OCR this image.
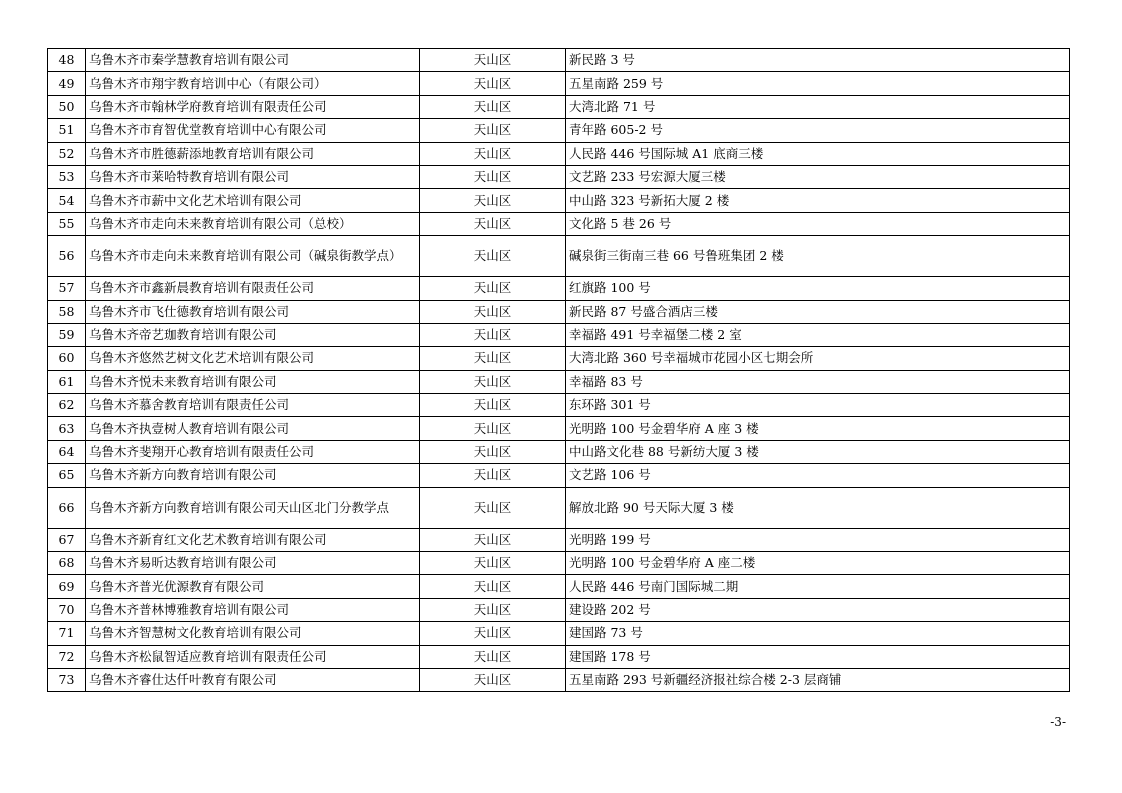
48	乌鲁木齐市秦学慧教育培训有限公司	天山区	新民路 3 号
49	乌鲁木齐市翔宇教育培训中心（有限公司）	天山区	五星南路 259 号
50	乌鲁木齐市翰林学府教育培训有限责任公司	天山区	大湾北路 71 号
51	乌鲁木齐市育智优堂教育培训中心有限公司	天山区	青年路 605-2 号
52	乌鲁木齐市胜德薪添地教育培训有限公司	天山区	人民路 446 号国际城 A1 底商三楼
53	乌鲁木齐市莱哈特教育培训有限公司	天山区	文艺路 233 号宏源大厦三楼
54	乌鲁木齐市薪中文化艺术培训有限公司	天山区	中山路 323 号新拓大厦 2 楼
55	乌鲁木齐市走向未来教育培训有限公司（总校）	天山区	文化路 5 巷 26 号
56	乌鲁木齐市走向未来教育培训有限公司（碱泉街教学点）	天山区	碱泉街三街南三巷 66 号鲁班集团 2 楼
57	乌鲁木齐市鑫新晨教育培训有限责任公司	天山区	红旗路 100 号
58	乌鲁木齐市飞仕德教育培训有限公司	天山区	新民路 87 号盛合酒店三楼
59	乌鲁木齐帝艺珈教育培训有限公司	天山区	幸福路 491 号幸福堡二楼 2 室
60	乌鲁木齐悠然艺树文化艺术培训有限公司	天山区	大湾北路 360 号幸福城市花园小区七期会所
61	乌鲁木齐悦未来教育培训有限公司	天山区	幸福路 83 号
62	乌鲁木齐慕舍教育培训有限责任公司	天山区	东环路 301 号
63	乌鲁木齐执壹树人教育培训有限公司	天山区	光明路 100 号金碧华府 A 座 3 楼
64	乌鲁木齐斐翔开心教育培训有限责任公司	天山区	中山路文化巷 88 号新纺大厦 3 楼
65	乌鲁木齐新方向教育培训有限公司	天山区	文艺路 106 号
66	乌鲁木齐新方向教育培训有限公司天山区北门分教学点	天山区	解放北路 90 号天际大厦 3 楼
67	乌鲁木齐新育红文化艺术教育培训有限公司	天山区	光明路 199 号
68	乌鲁木齐易昕达教育培训有限公司	天山区	光明路 100 号金碧华府 A 座二楼
69	乌鲁木齐普光优源教育有限公司	天山区	人民路 446 号南门国际城二期
70	乌鲁木齐普林博雅教育培训有限公司	天山区	建设路 202 号
71	乌鲁木齐智慧树文化教育培训有限公司	天山区	建国路 73 号
72	乌鲁木齐松鼠智适应教育培训有限责任公司	天山区	建国路 178 号
73	乌鲁木齐睿仕达仟叶教育有限公司	天山区	五星南路 293 号新疆经济报社综合楼 2-3 层商铺
-3-
